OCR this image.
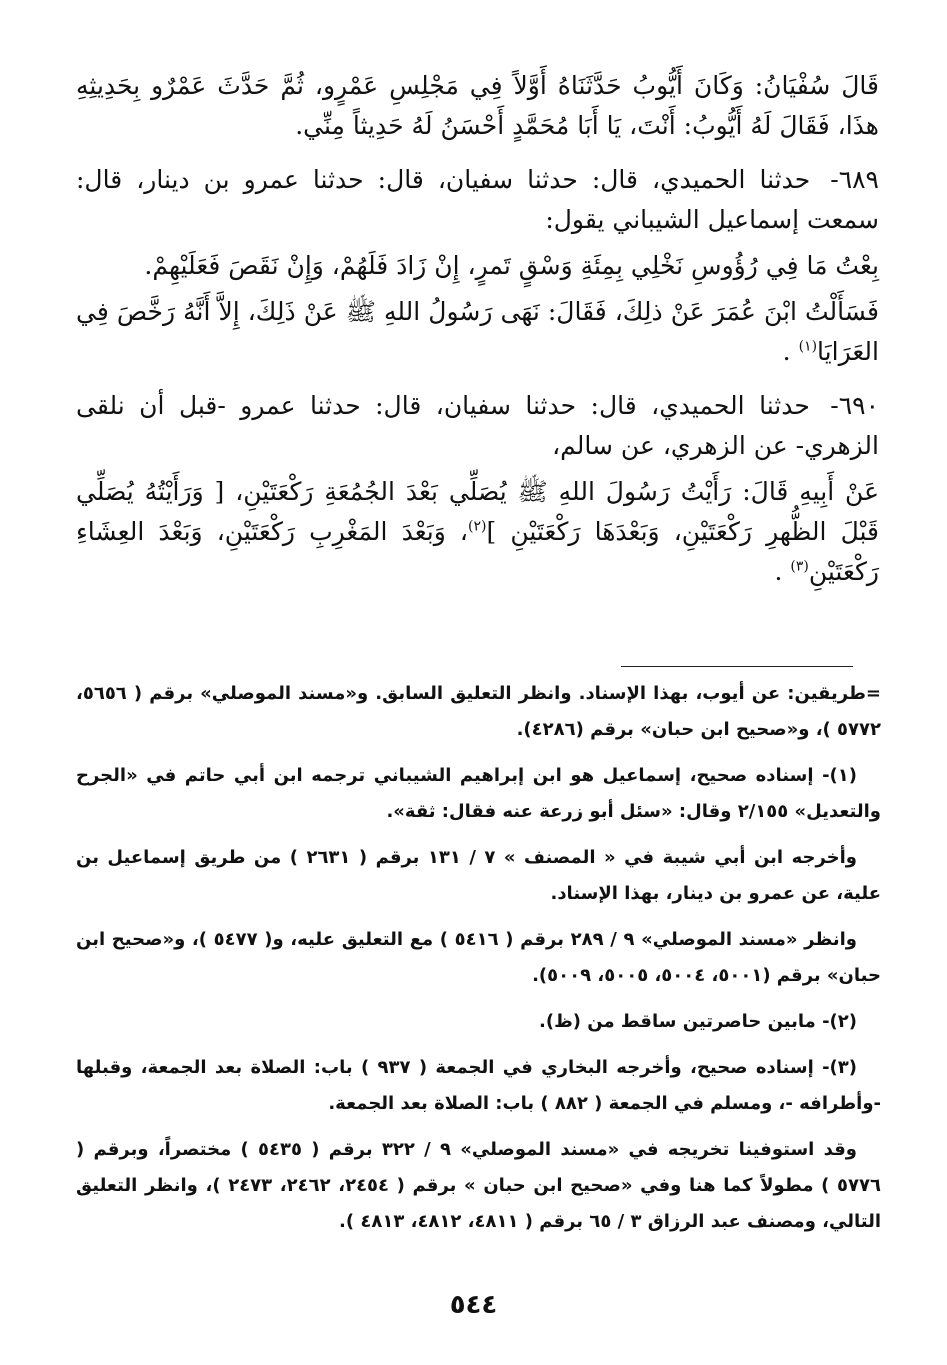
قَالَ سُفْيَانُ: وَكَانَ أَيُّوبُ حَدَّثَنَاهُ أَوَّلاً فِي مَجْلِسِ عَمْرٍو، ثُمَّ حَدَّثَ عَمْرٌو بِحَدِيثِهِ هذَا، فَقَالَ لَهُ أَيُّوبُ: أَنْتَ، يَا أَبَا مُحَمَّدٍ أَحْسَنُ لَهُ حَدِيثاً مِنِّي.

٦٨٩- حدثنا الحميدي، قال: حدثنا سفيان، قال: حدثنا عمرو بن دينار، قال: سمعت إسماعيل الشيباني يقول:

بِعْتُ مَا فِي رُؤُوسِ نَخْلِي بِمِئَةِ وَسْقٍ تَمرٍ، إِنْ زَادَ فَلَهُمْ، وَإِنْ نَقَصَ فَعَلَيْهِمْ.

فَسَأَلْتُ ابْنَ عُمَرَ عَنْ ذلِكَ، فَقَالَ: نَهَى رَسُولُ اللهِ ﷺ عَنْ ذَلِكَ، إِلاَّ أَنَّهُ رَخَّصَ فِي العَرَايَا$^{(١)}$ .

٦٩٠- حدثنا الحميدي، قال: حدثنا سفيان، قال: حدثنا عمرو -قبل أن نلقى الزهري- عن الزهري، عن سالم،

عَنْ أَبِيهِ قَالَ: رَأَيْتُ رَسُولَ اللهِ ﷺ يُصَلِّي بَعْدَ الجُمُعَةِ رَكْعَتَيْنِ، [ وَرَأَيْتُهُ يُصَلِّي قَبْلَ الظُّهرِ رَكْعَتَيْنِ، وَبَعْدَهَا رَكْعَتَيْنِ ]$^{(٢)}$، وَبَعْدَ المَغْرِبِ رَكْعَتَيْنِ، وَبَعْدَ العِشَاءِ رَكْعَتَيْنِ$^{(٣)}$ .

=طريقين: عن أيوب، بهذا الإسناد. وانظر التعليق السابق. و«مسند الموصلي» برقم ( ٥٦٥٦، ٥٧٧٢ )، و«صحيح ابن حبان» برقم (٤٢٨٦).

(١)- إسناده صحيح، إسماعيل هو ابن إبراهيم الشيباني ترجمه ابن أبي حاتم في «الجرح والتعديل» ٢/١٥٥ وقال: «سئل أبو زرعة عنه فقال: ثقة».

وأخرجه ابن أبي شيبة في « المصنف » ٧ / ١٣١ برقم ( ٢٦٣١ ) من طريق إسماعيل بن علية، عن عمرو بن دينار، بهذا الإسناد.

وانظر «مسند الموصلي» ٩ / ٢٨٩ برقم ( ٥٤١٦ ) مع التعليق عليه، و( ٥٤٧٧ )، و«صحيح ابن حبان» برقم (٥٠٠١، ٥٠٠٤، ٥٠٠٥، ٥٠٠٩).

(٢)- مابين حاصرتين ساقط من (ظ).

(٣)- إسناده صحيح، وأخرجه البخاري في الجمعة ( ٩٣٧ ) باب: الصلاة بعد الجمعة، وقبلها -وأطرافه -، ومسلم في الجمعة ( ٨٨٢ ) باب: الصلاة بعد الجمعة.

وقد استوفينا تخريجه في «مسند الموصلي» ٩ / ٣٢٢ برقم ( ٥٤٣٥ ) مختصراً، وبرقم ( ٥٧٧٦ ) مطولاً كما هنا وفي «صحيح ابن حبان » برقم ( ٢٤٥٤، ٢٤٦٢، ٢٤٧٣ )، وانظر التعليق التالي، ومصنف عبد الرزاق ٣ / ٦٥ برقم ( ٤٨١١، ٤٨١٢، ٤٨١٣ ).

٥٤٤
